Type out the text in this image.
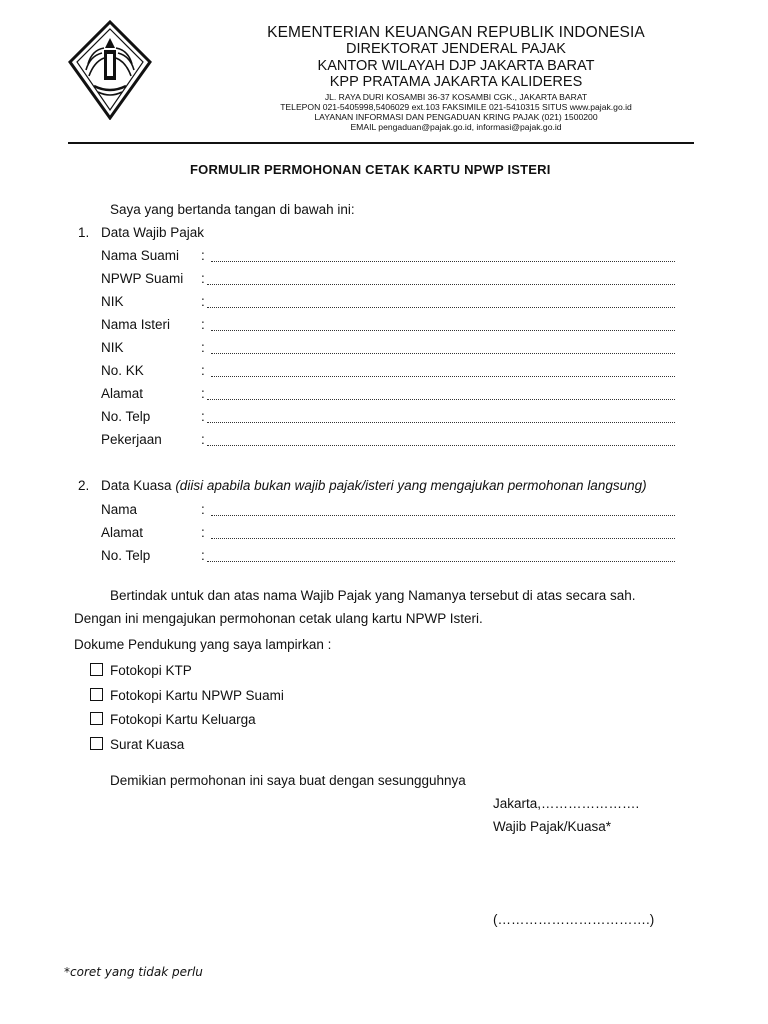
KEMENTERIAN KEUANGAN REPUBLIK INDONESIA
DIREKTORAT JENDERAL PAJAK
KANTOR WILAYAH DJP JAKARTA BARAT
KPP PRATAMA JAKARTA KALIDERES
JL. RAYA DURI KOSAMBI 36-37 KOSAMBI CGK., JAKARTA BARAT
TELEPON 021-5405998,5406029 ext.103 FAKSIMILE 021-5410315 SITUS www.pajak.go.id
LAYANAN INFORMASI DAN PENGADUAN KRING PAJAK (021) 1500200
EMAIL pengaduan@pajak.go.id, informasi@pajak.go.id
FORMULIR PERMOHONAN CETAK KARTU NPWP ISTERI
Saya yang bertanda tangan di bawah ini:
1. Data Wajib Pajak
Nama Suami :
NPWP Suami :
NIK	:
Nama Isteri :
NIK	:
No. KK	:
Alamat	:
No. Telp	:
Pekerjaan	:
2. Data Kuasa (diisi apabila bukan wajib pajak/isteri yang mengajukan permohonan langsung)
Nama	:
Alamat	:
No. Telp	:
Bertindak untuk dan atas nama Wajib Pajak yang Namanya tersebut di atas secara sah.
Dengan ini mengajukan permohonan cetak ulang kartu NPWP Isteri.
Dokume Pendukung yang saya lampirkan :
Fotokopi KTP
Fotokopi Kartu NPWP Suami
Fotokopi Kartu Keluarga
Surat Kuasa
Demikian permohonan ini saya buat dengan sesungguhnya
Jakarta,………………….
Wajib Pajak/Kuasa*
(…………………………….)
*coret yang tidak perlu
